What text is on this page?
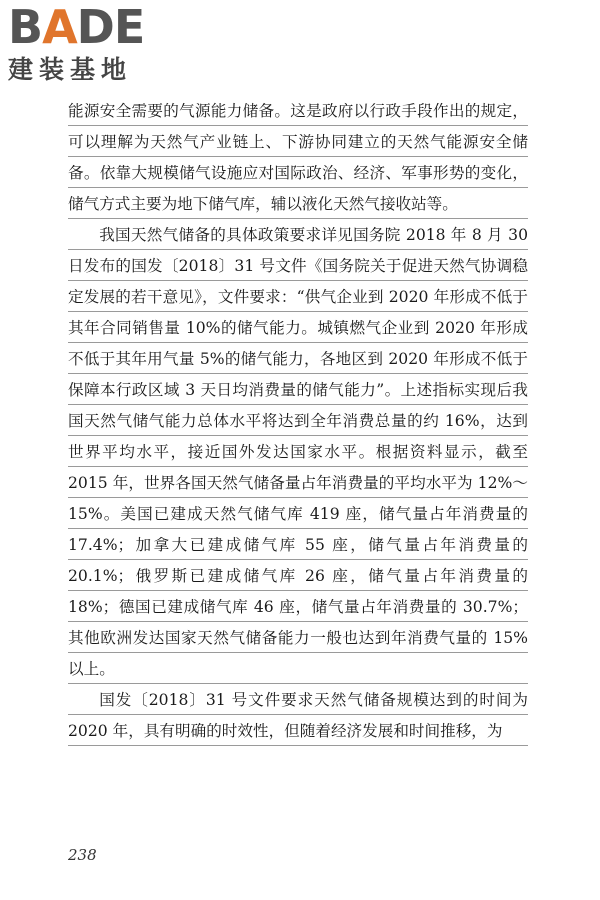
BADE
建装基地

能源安全需要的气源能力储备。这是政府以行政手段作出的规定，可以理解为天然气产业链上、下游协同建立的天然气能源安全储备。依靠大规模储气设施应对国际政治、经济、军事形势的变化，储气方式主要为地下储气库，辅以液化天然气接收站等。

我国天然气储备的具体政策要求详见国务院 2018 年 8 月 30 日发布的国发〔2018〕31 号文件《国务院关于促进天然气协调稳定发展的若干意见》，文件要求：“供气企业到 2020 年形成不低于其年合同销售量 10%的储气能力。城镇燃气企业到 2020 年形成不低于其年用气量 5%的储气能力，各地区到 2020 年形成不低于保障本行政区域 3 天日均消费量的储气能力”。上述指标实现后我国天然气储气能力总体水平将达到全年消费总量的约 16%，达到世界平均水平，接近国外发达国家水平。根据资料显示，截至 2015 年，世界各国天然气储备量占年消费量的平均水平为 12%～15%。美国已建成天然气储气库 419 座，储气量占年消费量的 17.4%；加拿大已建成储气库 55 座，储气量占年消费量的 20.1%；俄罗斯已建成储气库 26 座，储气量占年消费量的 18%；德国已建成储气库 46 座，储气量占年消费量的 30.7%；其他欧洲发达国家天然气储备能力一般也达到年消费气量的 15%以上。

国发〔2018〕31 号文件要求天然气储备规模达到的时间为 2020 年，具有明确的时效性，但随着经济发展和时间推移，为

238
